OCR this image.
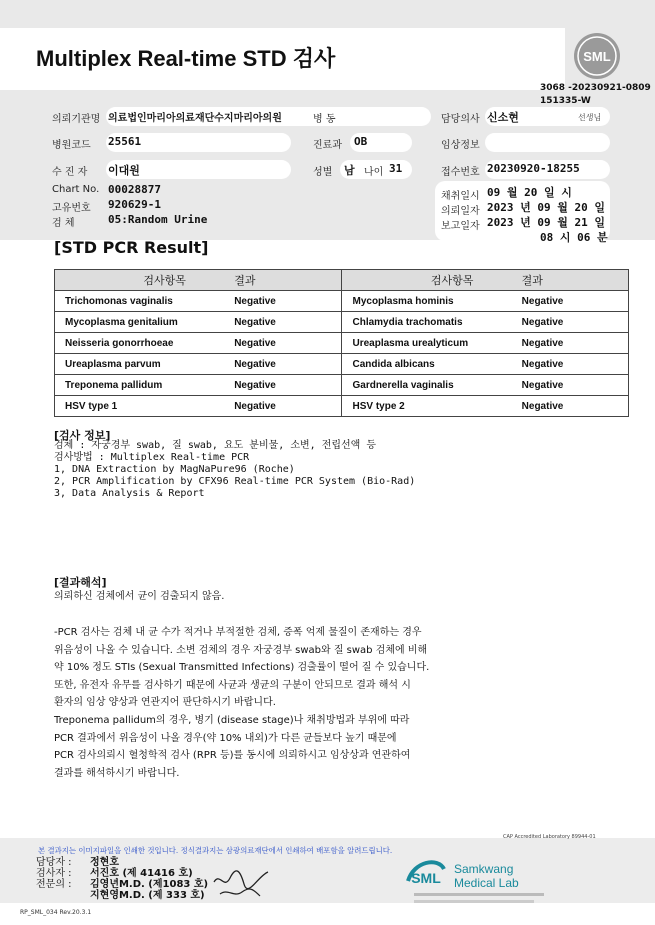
Multiplex Real-time STD 검사	SML
3068 -20230921-0809
151335-W
의뢰기관명 의료법인마리아의료재단수지마리아의원	병 동	담당의사 신소현	선생님
병원코드 25561	진료과 OB	임상정보
수 진 자 이대원	성별 남 나이 31	접수번호 20230920-18255
Chart No. 00028877
고유번호 920629-1
검 체	05:Random Urine
채취일시 09 월 20 일 시
의뢰일자 2023 년 09 월 20 일
보고일자 2023 년 09 월 21 일
08 시 06 분
[STD PCR Result]
검사항목	결과	검사항목	결과
Trichomonas vaginalis	Negative	Mycoplasma hominis	Negative
Mycoplasma genitalium	Negative	Chlamydia trachomatis	Negative
Neisseria gonorrhoeae	Negative	Ureaplasma urealyticum	Negative
Ureaplasma parvum	Negative	Candida albicans	Negative
Treponema pallidum	Negative	Gardnerella vaginalis	Negative
HSV type 1	Negative	HSV type 2	Negative
[검사 정보]
검체 : 자궁경부 swab, 질 swab, 요도 분비물, 소변, 전립선액 등
검사방법 : Multiplex Real-time PCR
1, DNA Extraction by MagNaPure96 (Roche)
2, PCR Amplification by CFX96 Real-time PCR System (Bio-Rad)
3, Data Analysis & Report
[결과해석]
의뢰하신 검체에서 균이 검출되지 않음.
-PCR 검사는 검체 내 균 수가 적거나 부적절한 검체, 증폭 억제 물질이 존재하는 경우
위음성이 나올 수 있습니다. 소변 검체의 경우 자궁경부 swab와 질 swab 검체에 비해
약 10% 정도 STIs (Sexual Transmitted Infections) 검출률이 떨어 질 수 있습니다.
또한, 유전자 유무를 검사하기 때문에 사균과 생균의 구분이 안되므로 결과 해석 시
환자의 임상 양상과 연관지어 판단하시기 바랍니다.
Treponema pallidum의 경우, 병기 (disease stage)나 채취방법과 부위에 따라
PCR 결과에서 위음성이 나올 경우(약 10% 내외)가 다른 균들보다 높기 때문에
PCR 검사의뢰시 혈청학적 검사 (RPR 등)를 동시에 의뢰하시고 임상상과 연관하여
결과를 해석하시기 바랍니다.

CAP Accredited Laboratory 89944-01
본 결과지는 이미지파일을 인쇄한 것입니다. 정식결과지는 삼광의료재단에서 인쇄하여 배포함을 알려드립니다.
담당자 : 정현호
검사자 : 서진호 (제 41416 호)
전문의 : 김영년M.D. (제1083 호)
지현영M.D. (제 333 호)
SML
Samkwang
Medical Lab
RP_SML_034 Rev.20.3.1
